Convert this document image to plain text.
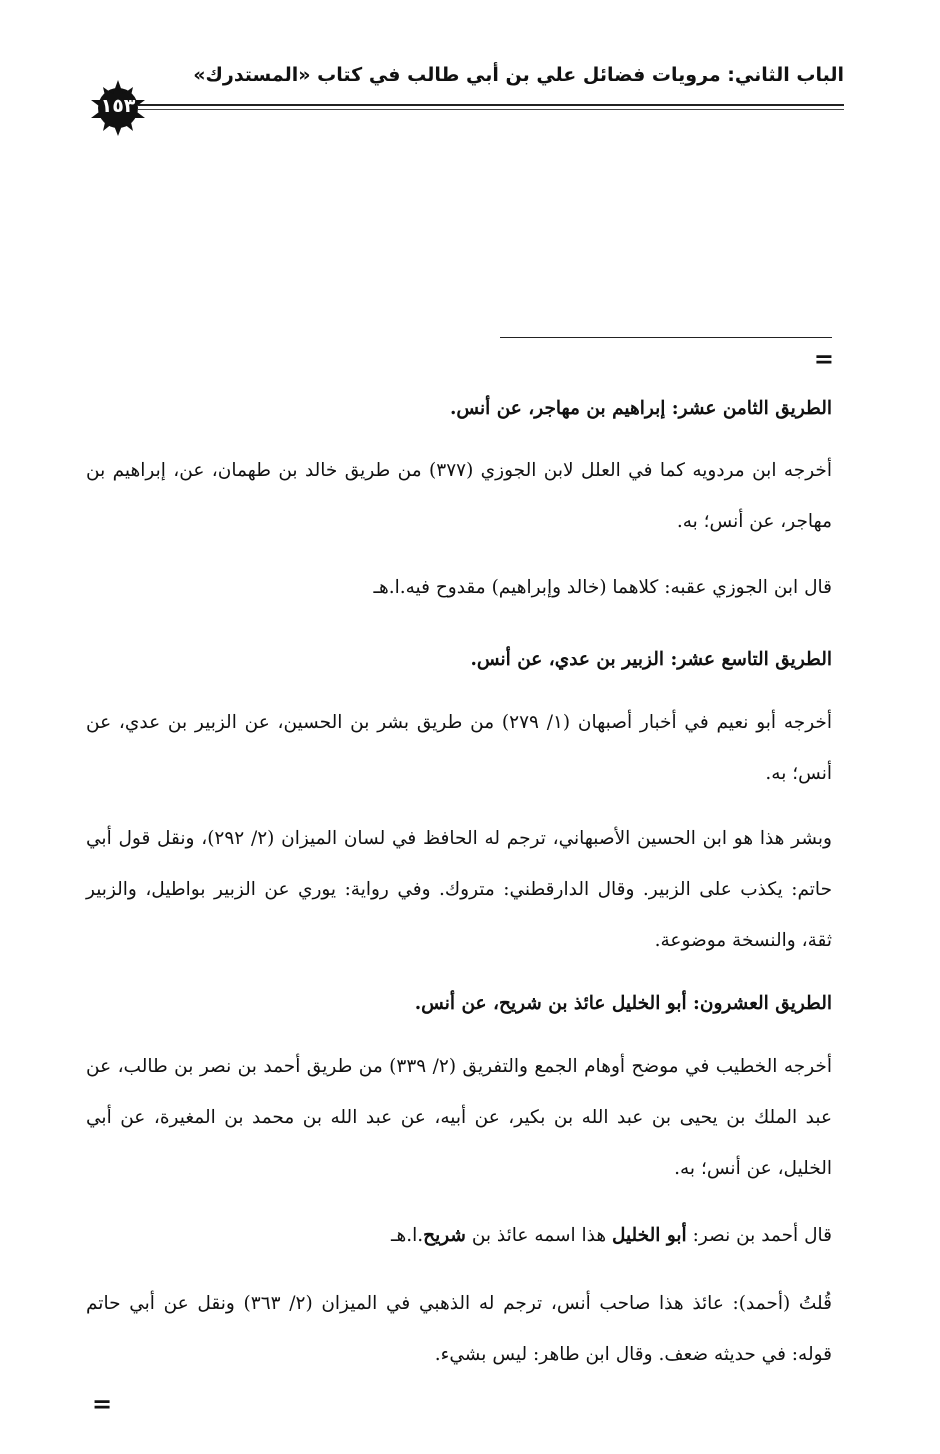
الباب الثاني: مرويات فضائل علي بن أبي طالب في كتاب «المستدرك»
١٥٣
=

الطريق الثامن عشر: إبراهيم بن مهاجر، عن أنس.

أخرجه ابن مردويه كما في العلل لابن الجوزي (٣٧٧) من طريق خالد بن طهمان، عن، إبراهيم بن مهاجر، عن أنس؛ به.

قال ابن الجوزي عقبه: كلاهما (خالد وإبراهيم) مقدوح فيه.ا.هـ

الطريق التاسع عشر: الزبير بن عدي، عن أنس.

أخرجه أبو نعيم في أخبار أصبهان (١/ ٢٧٩) من طريق بشر بن الحسين، عن الزبير بن عدي، عن أنس؛ به.

وبشر هذا هو ابن الحسين الأصبهاني، ترجم له الحافظ في لسان الميزان (٢/ ٢٩٢)، ونقل قول أبي حاتم: يكذب على الزبير. وقال الدارقطني: متروك. وفي رواية: يوري عن الزبير بواطيل، والزبير ثقة، والنسخة موضوعة.

الطريق العشرون: أبو الخليل عائذ بن شريح، عن أنس.

أخرجه الخطيب في موضح أوهام الجمع والتفريق (٢/ ٣٣٩) من طريق أحمد بن نصر بن طالب، عن عبد الملك بن يحيى بن عبد الله بن بكير، عن أبيه، عن عبد الله بن محمد بن المغيرة، عن أبي الخليل، عن أنس؛ به.

قال أحمد بن نصر: أبو الخليل هذا اسمه عائذ بن شريح.ا.هـ

قُلتُ (أحمد): عائذ هذا صاحب أنس، ترجم له الذهبي في الميزان (٢/ ٣٦٣) ونقل عن أبي حاتم قوله: في حديثه ضعف. وقال ابن طاهر: ليس بشيء.

=
